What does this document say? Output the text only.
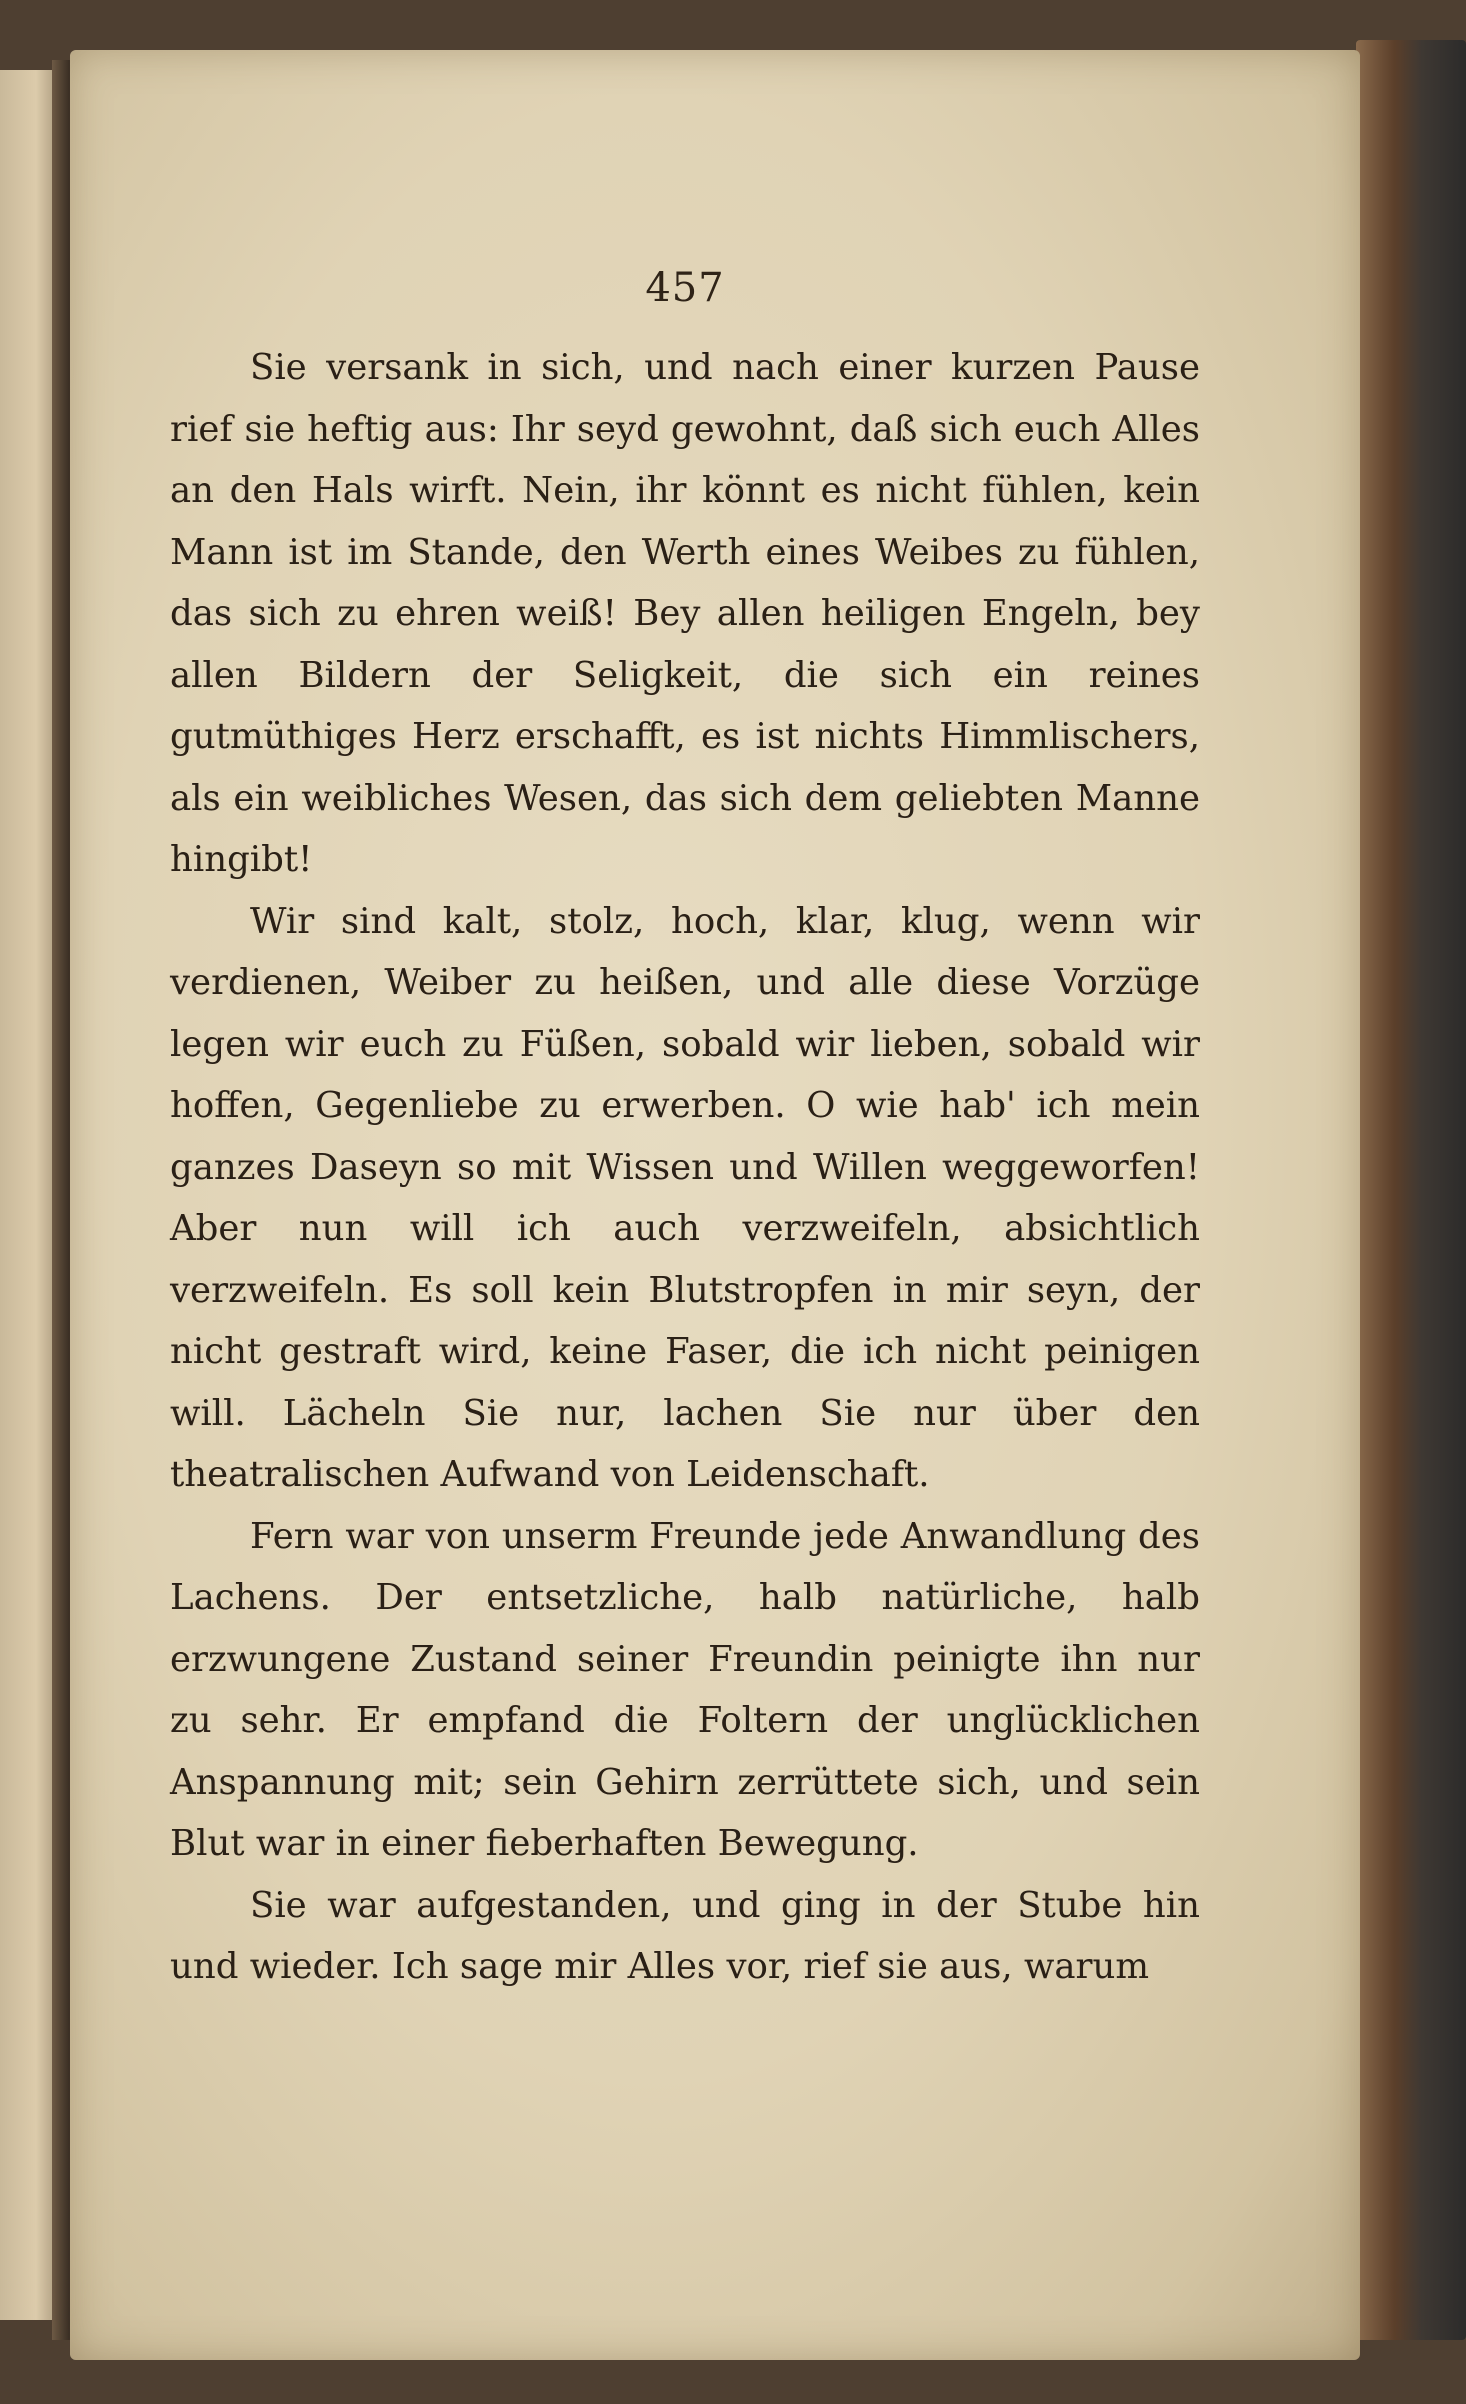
457

Sie versank in sich, und nach einer kurzen Pause rief sie heftig aus: Ihr seyd gewohnt, daß sich euch Alles an den Hals wirft. Nein, ihr könnt es nicht fühlen, kein Mann ist im Stande, den Werth eines Weibes zu fühlen, das sich zu ehren weiß! Bey allen heiligen Engeln, bey allen Bildern der Seligkeit, die sich ein reines gutmüthiges Herz erschafft, es ist nichts Himmlischers, als ein weibliches Wesen, das sich dem geliebten Manne hingibt!

Wir sind kalt, stolz, hoch, klar, klug, wenn wir verdienen, Weiber zu heißen, und alle diese Vorzüge legen wir euch zu Füßen, sobald wir lieben, sobald wir hoffen, Gegenliebe zu erwerben. O wie hab' ich mein ganzes Daseyn so mit Wissen und Willen weggeworfen! Aber nun will ich auch verzweifeln, absichtlich verzweifeln. Es soll kein Blutstropfen in mir seyn, der nicht gestraft wird, keine Faser, die ich nicht peinigen will. Lächeln Sie nur, lachen Sie nur über den theatralischen Aufwand von Leidenschaft.

Fern war von unserm Freunde jede Anwandlung des Lachens. Der entsetzliche, halb natürliche, halb erzwungene Zustand seiner Freundin peinigte ihn nur zu sehr. Er empfand die Foltern der unglücklichen Anspannung mit; sein Gehirn zerrüttete sich, und sein Blut war in einer fieberhaften Bewegung.

Sie war aufgestanden, und ging in der Stube hin und wieder. Ich sage mir Alles vor, rief sie aus, warum
